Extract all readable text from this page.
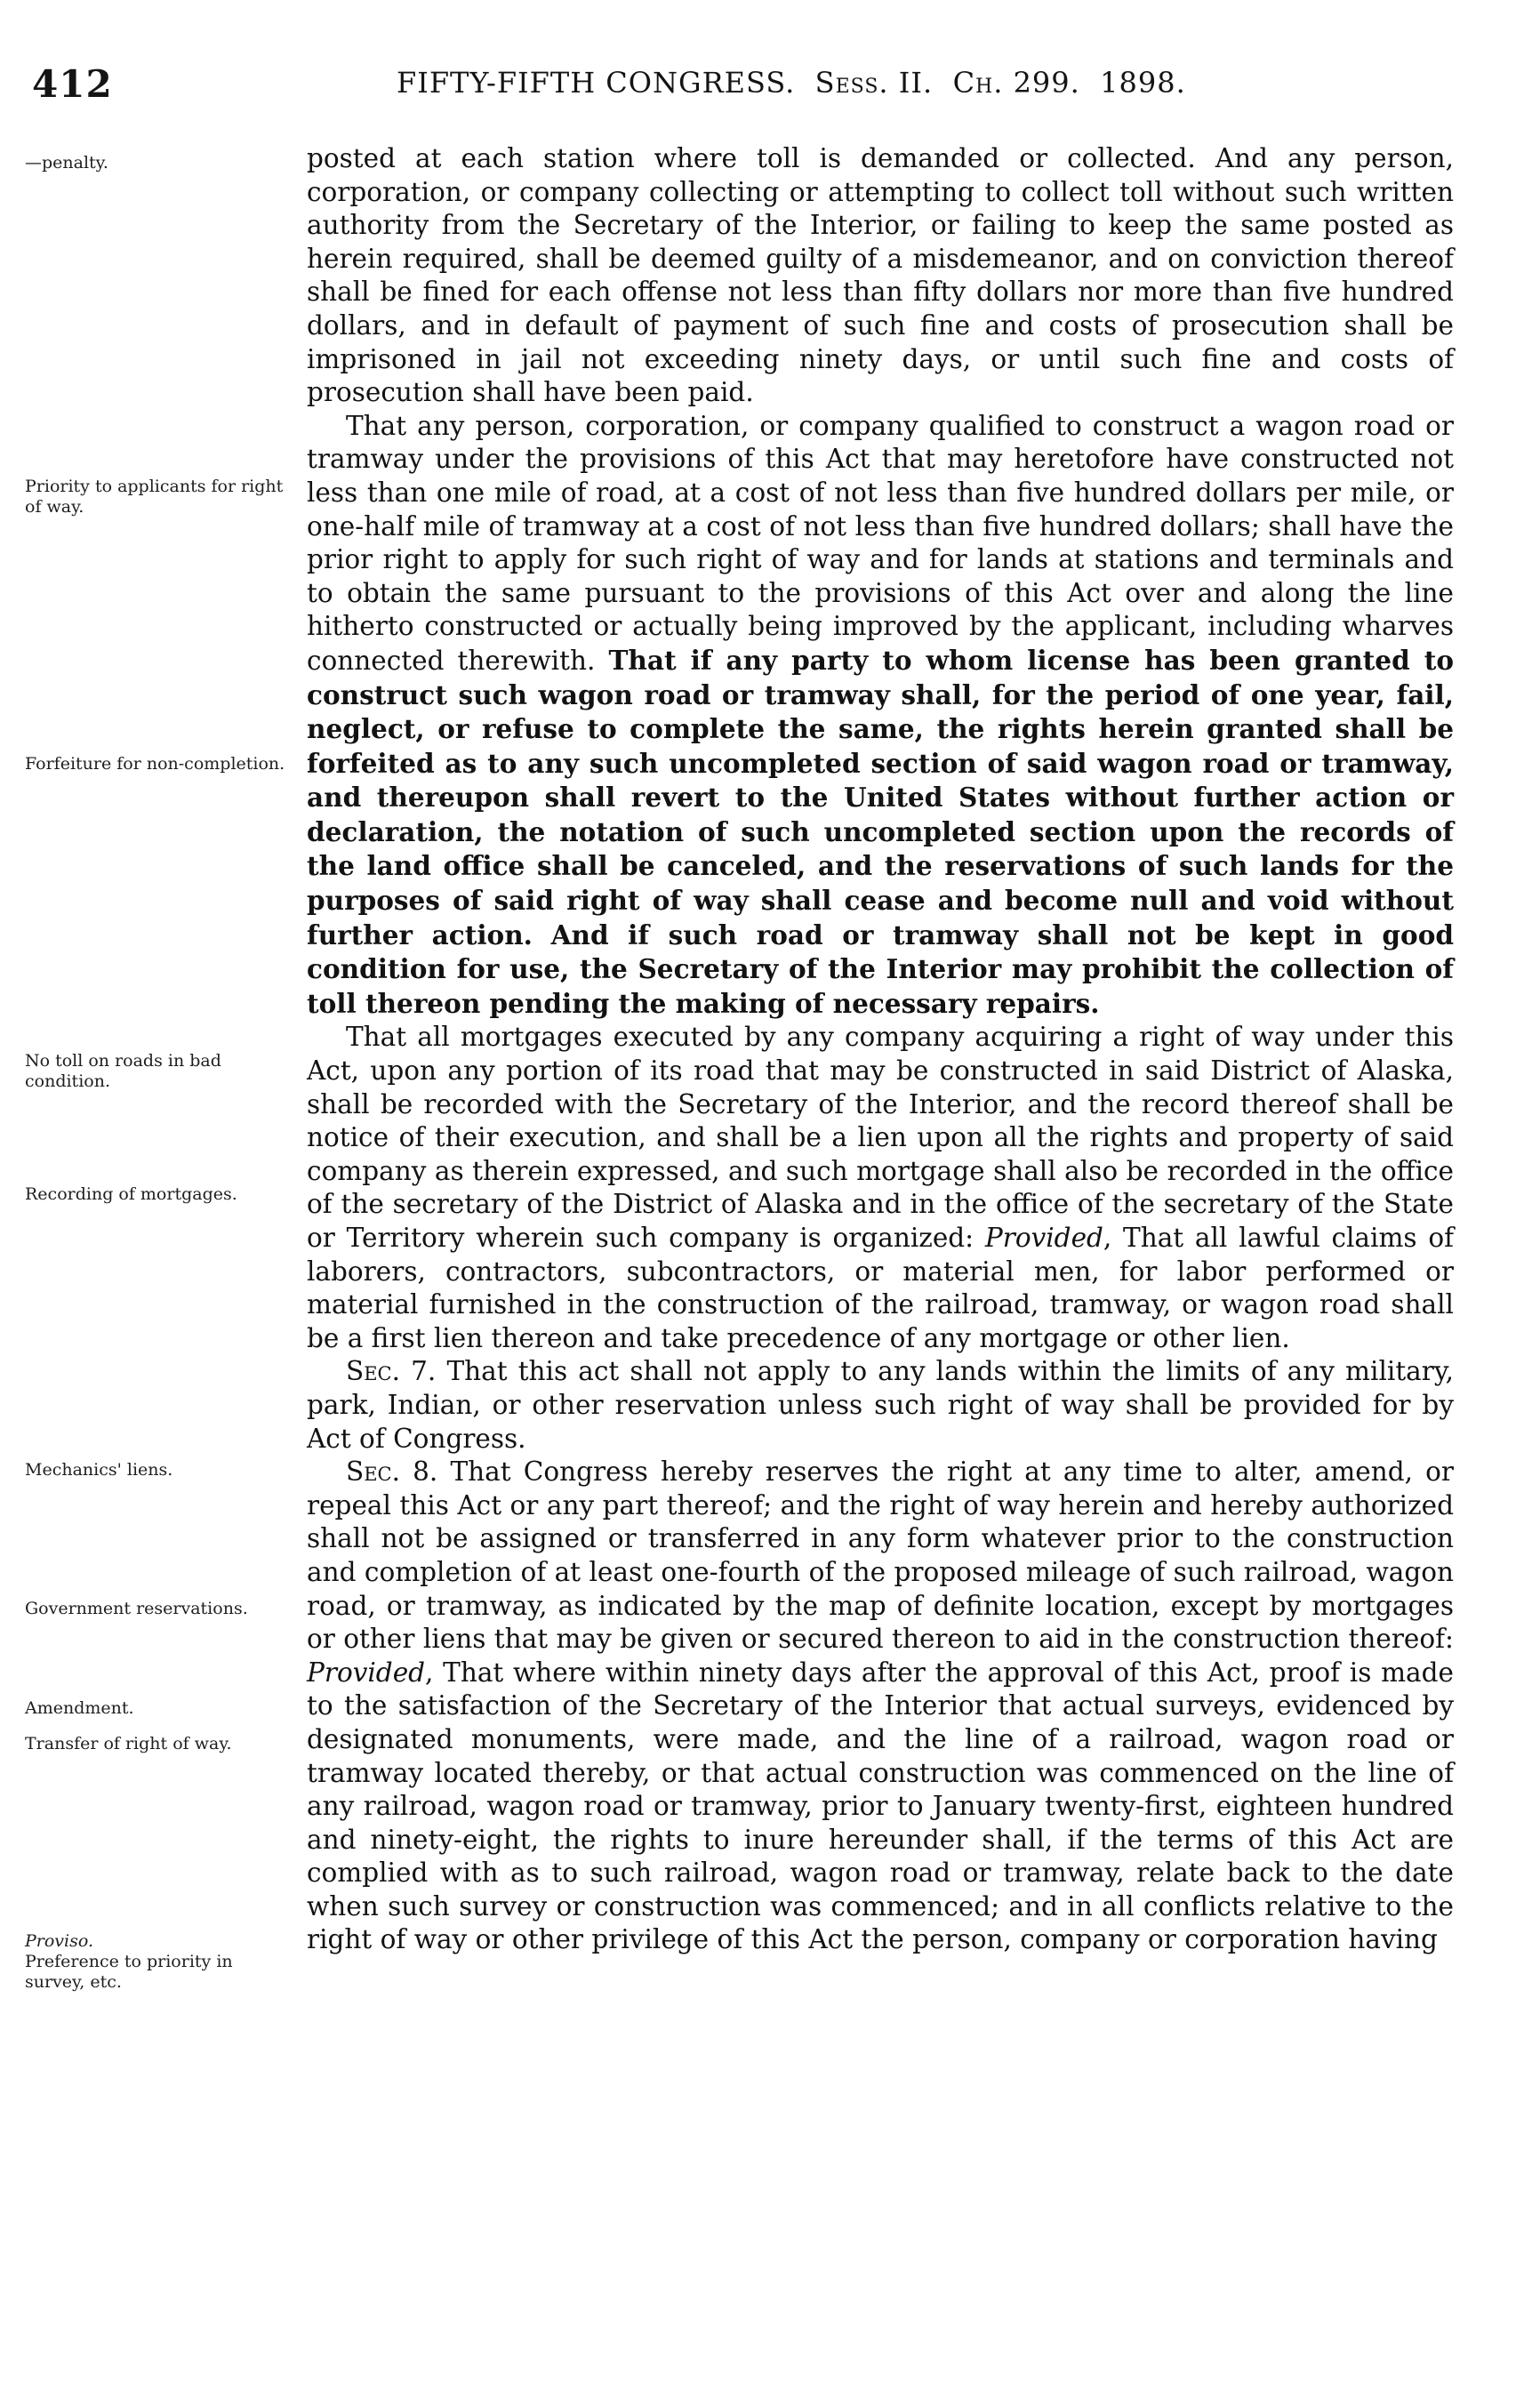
412	FIFTY-FIFTH CONGRESS. Sess. II. Ch. 299. 1898.
—penalty.
Priority to applicants for right of way.
Forfeiture for non-completion.
No toll on roads in bad condition.
Recording of mortgages.
Mechanics' liens.
Government reservations.
Amendment.
Transfer of right of way.
Proviso.
Preference to priority in survey, etc.

posted at each station where toll is demanded or collected. And any person, corporation, or company collecting or attempting to collect toll without such written authority from the Secretary of the Interior, or failing to keep the same posted as herein required, shall be deemed guilty of a misdemeanor, and on conviction thereof shall be fined for each offense not less than fifty dollars nor more than five hundred dollars, and in default of payment of such fine and costs of prosecution shall be imprisoned in jail not exceeding ninety days, or until such fine and costs of prosecution shall have been paid.

That any person, corporation, or company qualified to construct a wagon road or tramway under the provisions of this Act that may heretofore have constructed not less than one mile of road, at a cost of not less than five hundred dollars per mile, or one-half mile of tramway at a cost of not less than five hundred dollars; shall have the prior right to apply for such right of way and for lands at stations and terminals and to obtain the same pursuant to the provisions of this Act over and along the line hitherto constructed or actually being improved by the applicant, including wharves connected therewith. That if any party to whom license has been granted to construct such wagon road or tramway shall, for the period of one year, fail, neglect, or refuse to complete the same, the rights herein granted shall be forfeited as to any such uncompleted section of said wagon road or tramway, and thereupon shall revert to the United States without further action or declaration, the notation of such uncompleted section upon the records of the land office shall be canceled, and the reservations of such lands for the purposes of said right of way shall cease and become null and void without further action. And if such road or tramway shall not be kept in good condition for use, the Secretary of the Interior may prohibit the collection of toll thereon pending the making of necessary repairs.

That all mortgages executed by any company acquiring a right of way under this Act, upon any portion of its road that may be constructed in said District of Alaska, shall be recorded with the Secretary of the Interior, and the record thereof shall be notice of their execution, and shall be a lien upon all the rights and property of said company as therein expressed, and such mortgage shall also be recorded in the office of the secretary of the District of Alaska and in the office of the secretary of the State or Territory wherein such company is organized: Provided, That all lawful claims of laborers, contractors, subcontractors, or material men, for labor performed or material furnished in the construction of the railroad, tramway, or wagon road shall be a first lien thereon and take precedence of any mortgage or other lien.

Sec. 7. That this act shall not apply to any lands within the limits of any military, park, Indian, or other reservation unless such right of way shall be provided for by Act of Congress.

Sec. 8. That Congress hereby reserves the right at any time to alter, amend, or repeal this Act or any part thereof; and the right of way herein and hereby authorized shall not be assigned or transferred in any form whatever prior to the construction and completion of at least one-fourth of the proposed mileage of such railroad, wagon road, or tramway, as indicated by the map of definite location, except by mortgages or other liens that may be given or secured thereon to aid in the construction thereof: Provided, That where within ninety days after the approval of this Act, proof is made to the satisfaction of the Secretary of the Interior that actual surveys, evidenced by designated monuments, were made, and the line of a railroad, wagon road or tramway located thereby, or that actual construction was commenced on the line of any railroad, wagon road or tramway, prior to January twenty-first, eighteen hundred and ninety-eight, the rights to inure hereunder shall, if the terms of this Act are complied with as to such railroad, wagon road or tramway, relate back to the date when such survey or construction was commenced; and in all conflicts relative to the right of way or other privilege of this Act the person, company or corporation having
